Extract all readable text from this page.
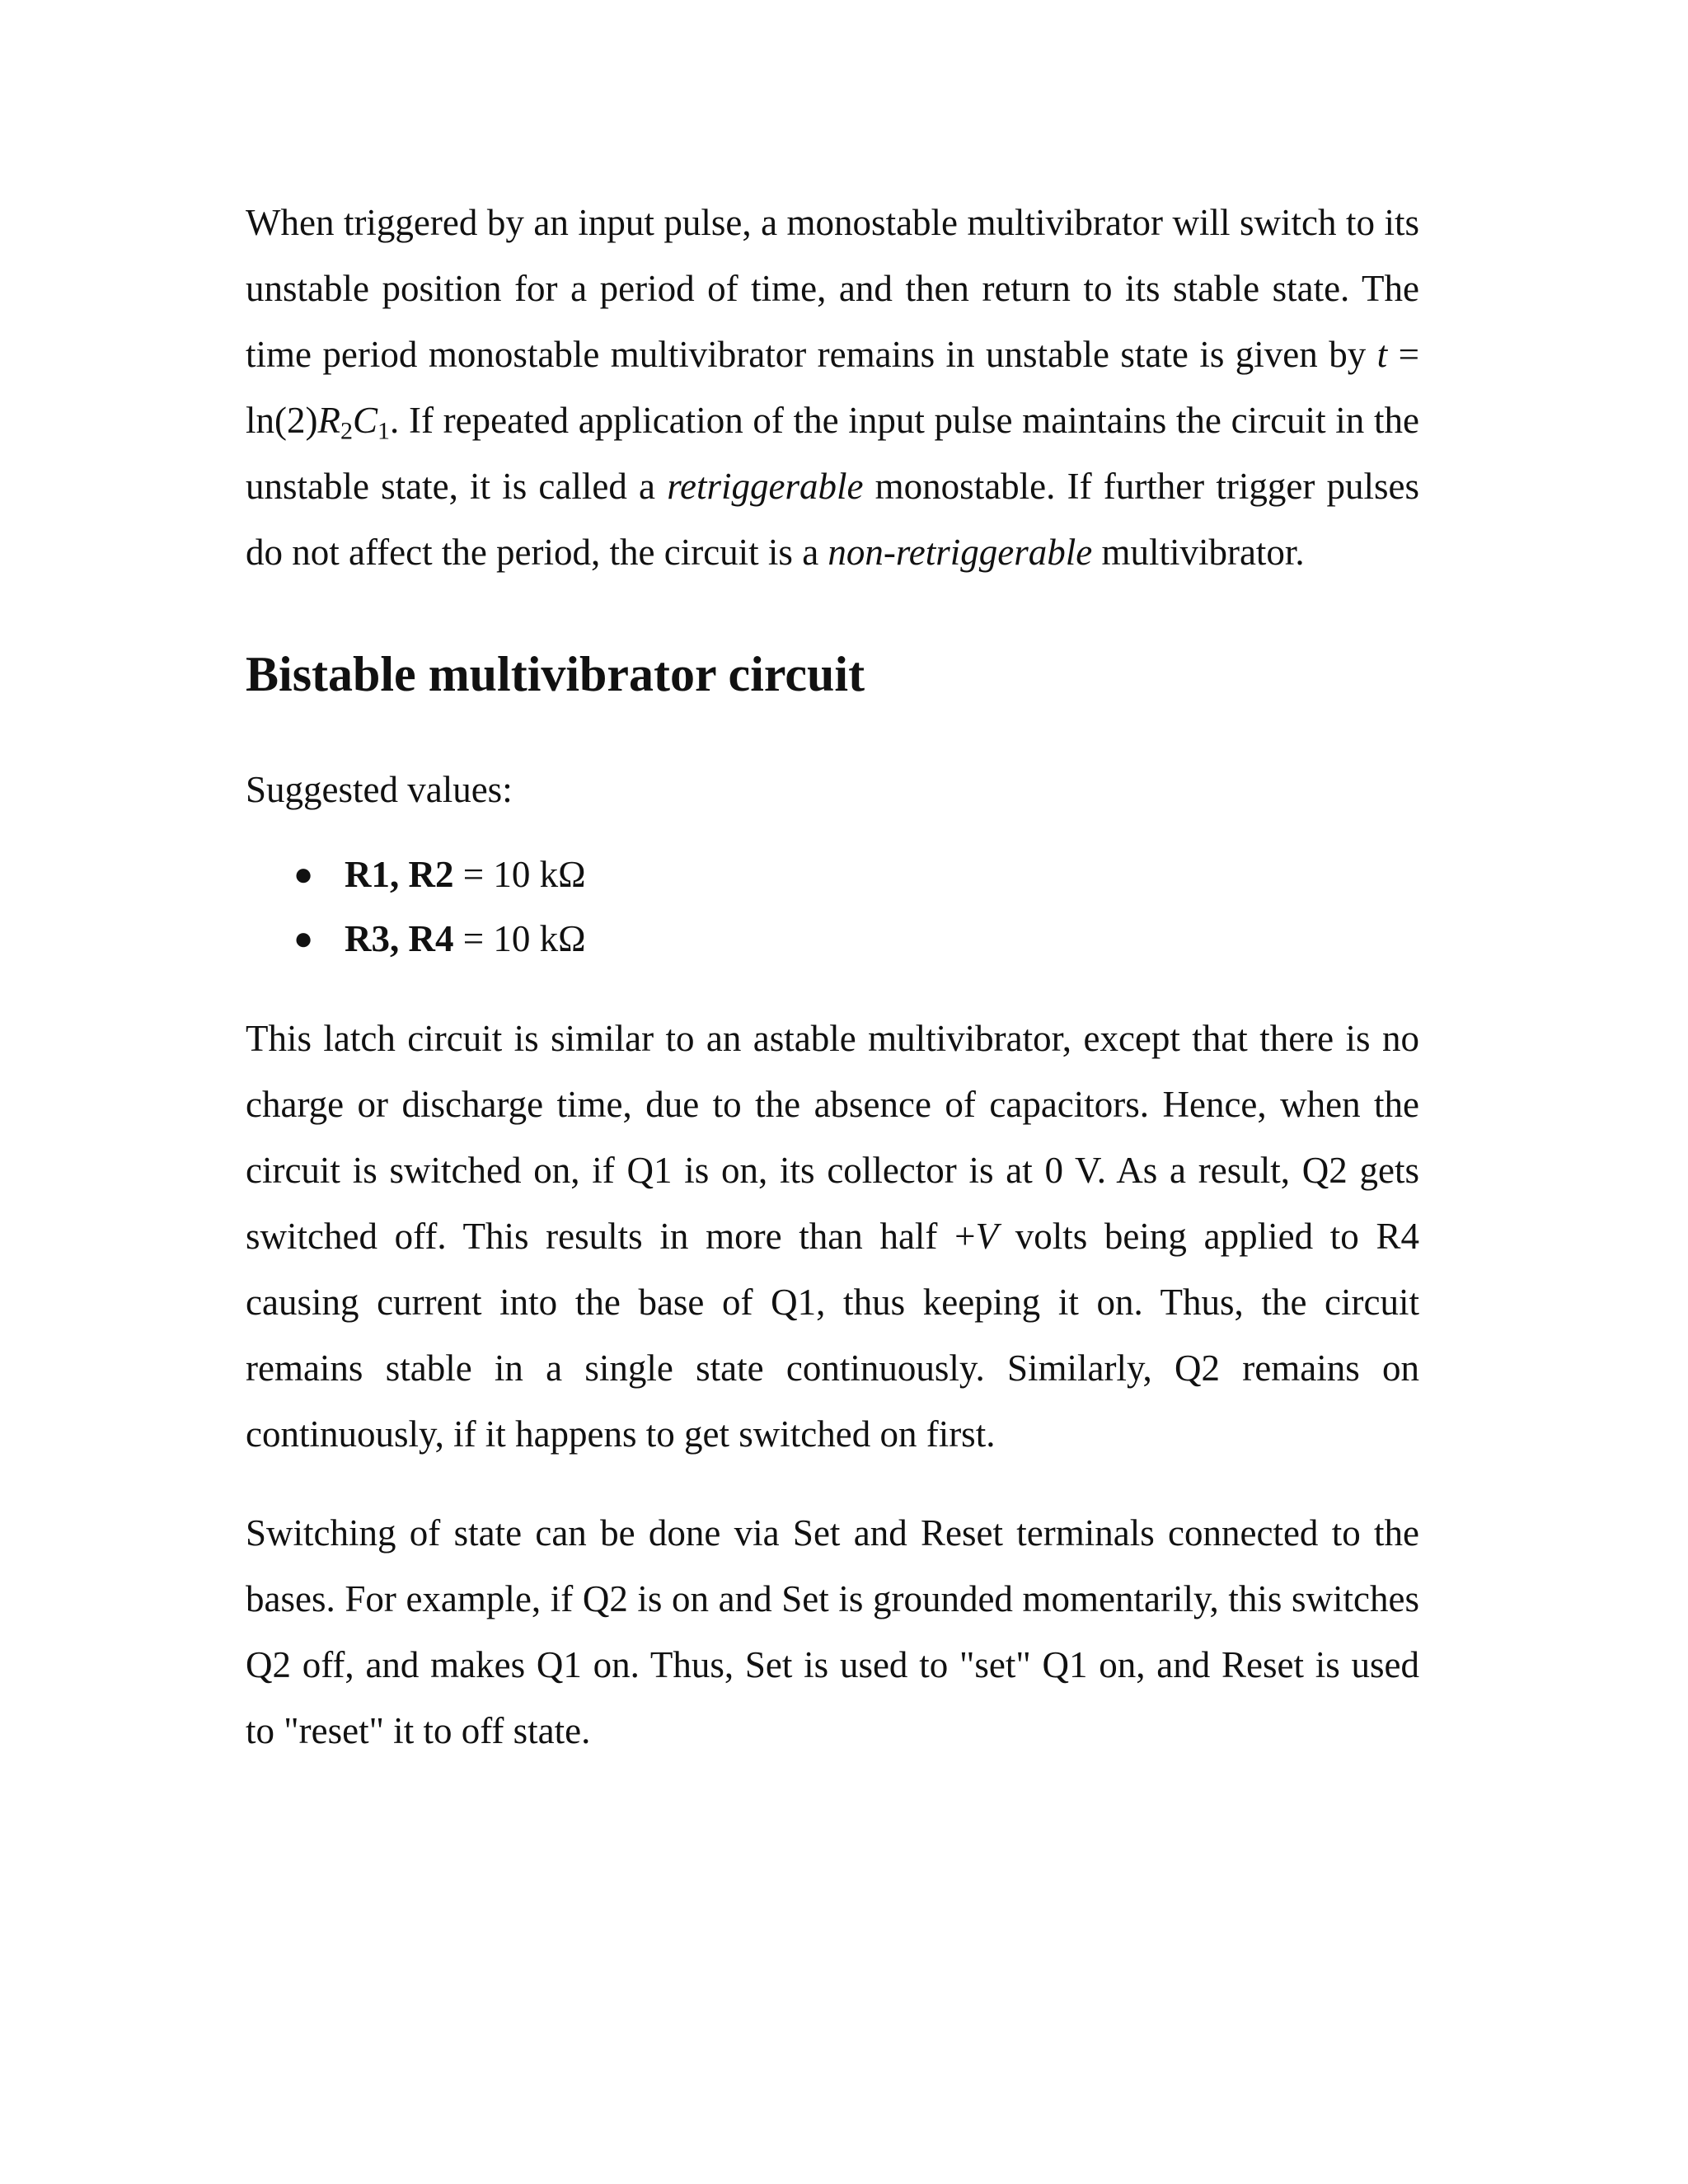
When triggered by an input pulse, a monostable multivibrator will switch to its unstable position for a period of time, and then return to its stable state. The time period monostable multivibrator remains in unstable state is given by $t = \ln(2)R_2C_1$. If repeated application of the input pulse maintains the circuit in the unstable state, it is called a retriggerable monostable. If further trigger pulses do not affect the period, the circuit is a non-retriggerable multivibrator.

Bistable multivibrator circuit

Suggested values:

● R1, R2 = 10 kΩ
● R3, R4 = 10 kΩ

This latch circuit is similar to an astable multivibrator, except that there is no charge or discharge time, due to the absence of capacitors. Hence, when the circuit is switched on, if Q1 is on, its collector is at 0 V. As a result, Q2 gets switched off. This results in more than half +V volts being applied to R4 causing current into the base of Q1, thus keeping it on. Thus, the circuit remains stable in a single state continuously. Similarly, Q2 remains on continuously, if it happens to get switched on first.

Switching of state can be done via Set and Reset terminals connected to the bases. For example, if Q2 is on and Set is grounded momentarily, this switches Q2 off, and makes Q1 on. Thus, Set is used to "set" Q1 on, and Reset is used to "reset" it to off state.
